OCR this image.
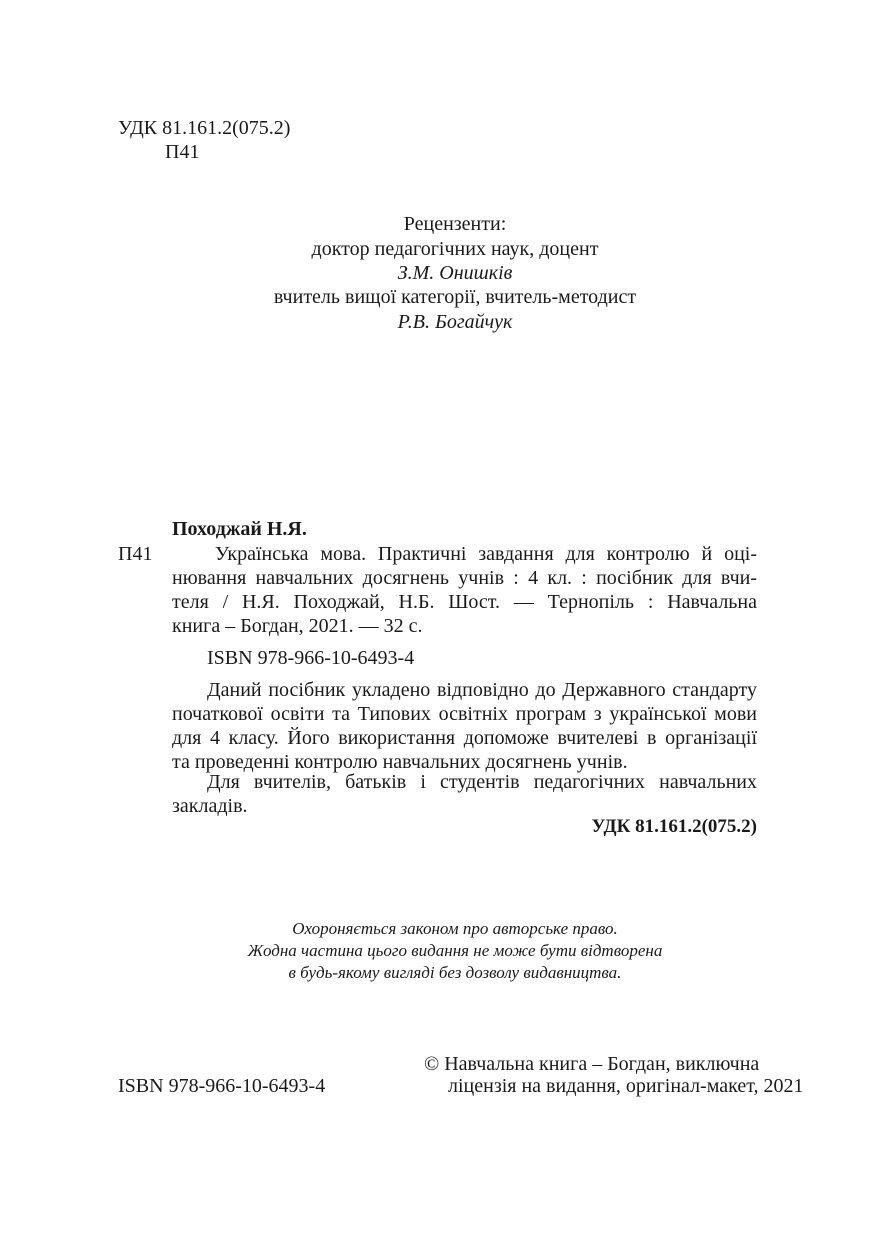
УДК 81.161.2(075.2)
П41
Рецензенти:
доктор педагогічних наук, доцент
З.М. Онишків
вчитель вищої категорії, вчитель-методист
Р.В. Богайчук
Походжай Н.Я.
П41	Українська мова. Практичні завдання для контролю й оці-
нювання навчальних досягнень учнів : 4 кл. : посібник для вчи-
теля / Н.Я. Походжай, Н.Б. Шост. — Тернопіль : Навчальна
книга – Богдан, 2021. — 32 с.
ISBN 978-966-10-6493-4
Даний посібник укладено відповідно до Державного стандарту
початкової освіти та Типових освітніх програм з української мови
для 4 класу. Його використання допоможе вчителеві в організації
та проведенні контролю навчальних досягнень учнів.
Для вчителів, батьків і студентів педагогічних навчальних
закладів.
УДК 81.161.2(075.2)
Охороняється законом про авторське право.
Жодна частина цього видання не може бути відтворена
в будь-якому вигляді без дозволу видавництва.
ISBN 978-966-10-6493-4
© Навчальна книга – Богдан, виключна
ліцензія на видання, оригінал-макет, 2021
